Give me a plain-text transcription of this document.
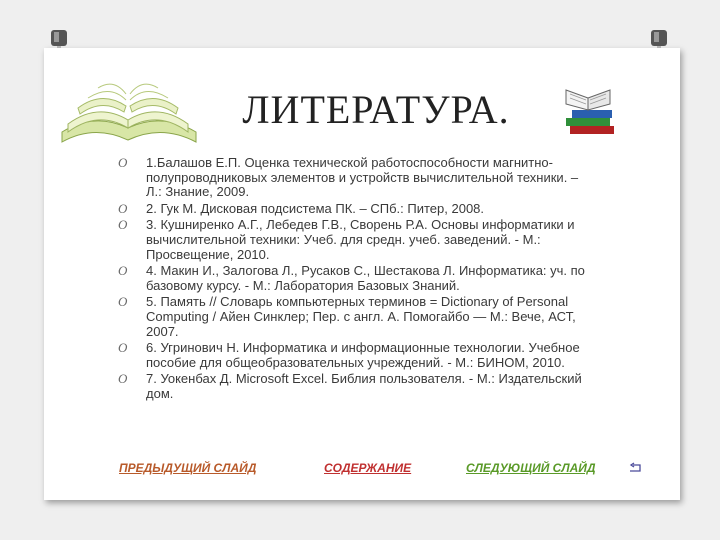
ЛИТЕРАТУРА.
O 1.Балашов Е.П. Оценка технической работоспособности магнитно-полупроводниковых элементов и устройств вычислительной техники. – Л.: Знание, 2009.
O 2. Гук М. Дисковая подсистема ПК. – СПб.: Питер, 2008.
O 3. Кушниренко А.Г., Лебедев Г.В., Сворень Р.А. Основы информатики и вычислительной техники: Учеб. для средн. учеб. заведений. - М.: Просвещение, 2010.
O 4. Макин И., Залогова Л., Русаков С., Шестакова Л. Информатика: уч. по базовому курсу. - М.: Лаборатория Базовых Знаний.
O 5. Память // Словарь компьютерных терминов = Dictionary of Personal Computing / Айен Синклер; Пер. с англ. А. Помогайбо — М.: Вече, АСТ, 2007.
O 6. Угринович Н. Информатика и информационные технологии. Учебное пособие для общеобразовательных учреждений. - М.: БИНОМ, 2010.
O 7. Уокенбах Д. Microsoft Excel. Библия пользователя. - М.: Издательский дом.
ПРЕДЫДУЩИЙ СЛАЙД	СОДЕРЖАНИЕ	СЛЕДУЮЩИЙ СЛАЙД
